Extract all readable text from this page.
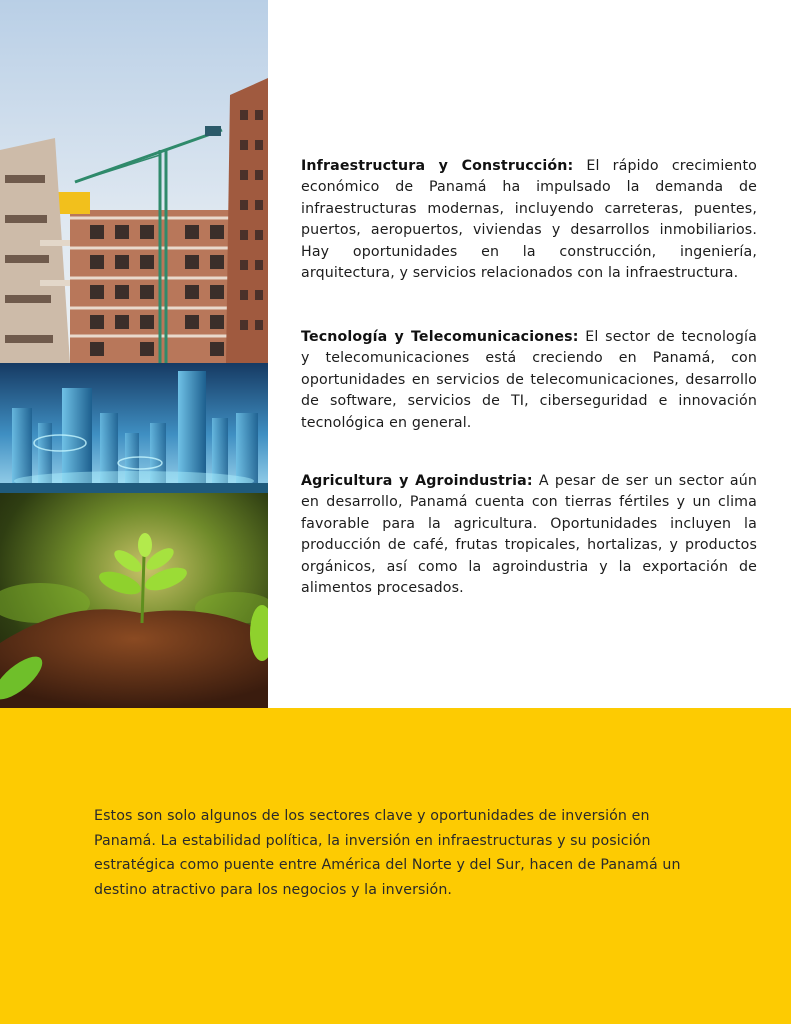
Infraestructura y Construcción: El rápido crecimiento económico de Panamá ha impulsado la demanda de infraestructuras modernas, incluyendo carreteras, puentes, puertos, aeropuertos, viviendas y desarrollos inmobiliarios. Hay oportunidades en la construcción, ingeniería, arquitectura, y servicios relacionados con la infraestructura.
Tecnología y Telecomunicaciones: El sector de tecnología y telecomunicaciones está creciendo en Panamá, con oportunidades en servicios de telecomunicaciones, desarrollo de software, servicios de TI, ciberseguridad e innovación tecnológica en general.
Agricultura y Agroindustria: A pesar de ser un sector aún en desarrollo, Panamá cuenta con tierras fértiles y un clima favorable para la agricultura. Oportunidades incluyen la producción de café, frutas tropicales, hortalizas, y productos orgánicos, así como la agroindustria y la exportación de alimentos procesados.

Estos son solo algunos de los sectores clave y oportunidades de inversión en Panamá. La estabilidad política, la inversión en infraestructuras y su posición estratégica como puente entre América del Norte y del Sur, hacen de Panamá un destino atractivo para los negocios y la inversión.
